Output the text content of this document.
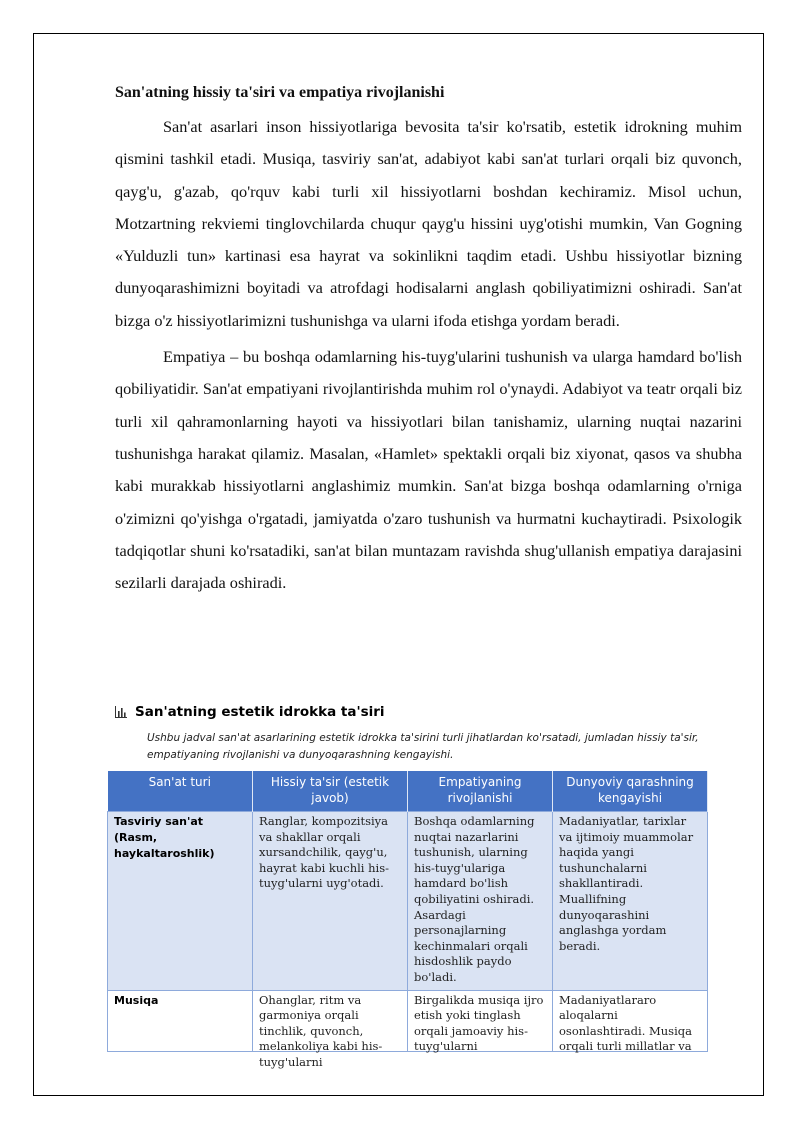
San'atning hissiy ta'siri va empatiya rivojlanishi

San'at asarlari inson hissiyotlariga bevosita ta'sir ko'rsatib, estetik idrokning muhim qismini tashkil etadi. Musiqa, tasviriy san'at, adabiyot kabi san'at turlari orqali biz quvonch, qayg'u, g'azab, qo'rquv kabi turli xil hissiyotlarni boshdan kechiramiz. Misol uchun, Motzartning rekviemi tinglovchilarda chuqur qayg'u hissini uyg'otishi mumkin, Van Gogning «Yulduzli tun» kartinasi esa hayrat va sokinlikni taqdim etadi. Ushbu hissiyotlar bizning dunyoqarashimizni boyitadi va atrofdagi hodisalarni anglash qobiliyatimizni oshiradi. San'at bizga o'z hissiyotlarimizni tushunishga va ularni ifoda etishga yordam beradi.

Empatiya – bu boshqa odamlarning his-tuyg'ularini tushunish va ularga hamdard bo'lish qobiliyatidir. San'at empatiyani rivojlantirishda muhim rol o'ynaydi. Adabiyot va teatr orqali biz turli xil qahramonlarning hayoti va hissiyotlari bilan tanishamiz, ularning nuqtai nazarini tushunishga harakat qilamiz. Masalan, «Hamlet» spektakli orqali biz xiyonat, qasos va shubha kabi murakkab hissiyotlarni anglashimiz mumkin. San'at bizga boshqa odamlarning o'rniga o'zimizni qo'yishga o'rgatadi, jamiyatda o'zaro tushunish va hurmatni kuchaytiradi. Psixologik tadqiqotlar shuni ko'rsatadiki, san'at bilan muntazam ravishda shug'ullanish empatiya darajasini sezilarli darajada oshiradi.

San'atning estetik idrokka ta'siri
Ushbu jadval san'at asarlarining estetik idrokka ta'sirini turli jihatlardan ko'rsatadi, jumladan hissiy ta'sir, empatiyaning rivojlanishi va dunyoqarashning kengayishi.
San'at turi	Hissiy ta'sir (estetik javob)	Empatiyaning rivojlanishi	Dunyoviy qarashning kengayishi
Tasviriy san'at (Rasm, haykaltaroshlik)	Ranglar, kompozitsiya va shakllar orqali xursandchilik, qayg'u, hayrat kabi kuchli his-tuyg'ularni uyg'otadi.	Boshqa odamlarning nuqtai nazarlarini tushunish, ularning his-tuyg'ulariga hamdard bo'lish qobiliyatini oshiradi. Asardagi personajlarning kechinmalari orqali hisdoshlik paydo bo'ladi.	Madaniyatlar, tarixlar va ijtimoiy muammolar haqida yangi tushunchalarni shakllantiradi. Muallifning dunyoqarashini anglashga yordam beradi.

Musiqa	Ohanglar, ritm va garmoniya orqali tinchlik, quvonch, melankoliya kabi his-tuyg'ularni	Birgalikda musiqa ijro etish yoki tinglash orqali jamoaviy his-tuyg'ularni	Madaniyatlararo aloqalarni osonlashtiradi. Musiqa orqali turli millatlar va
